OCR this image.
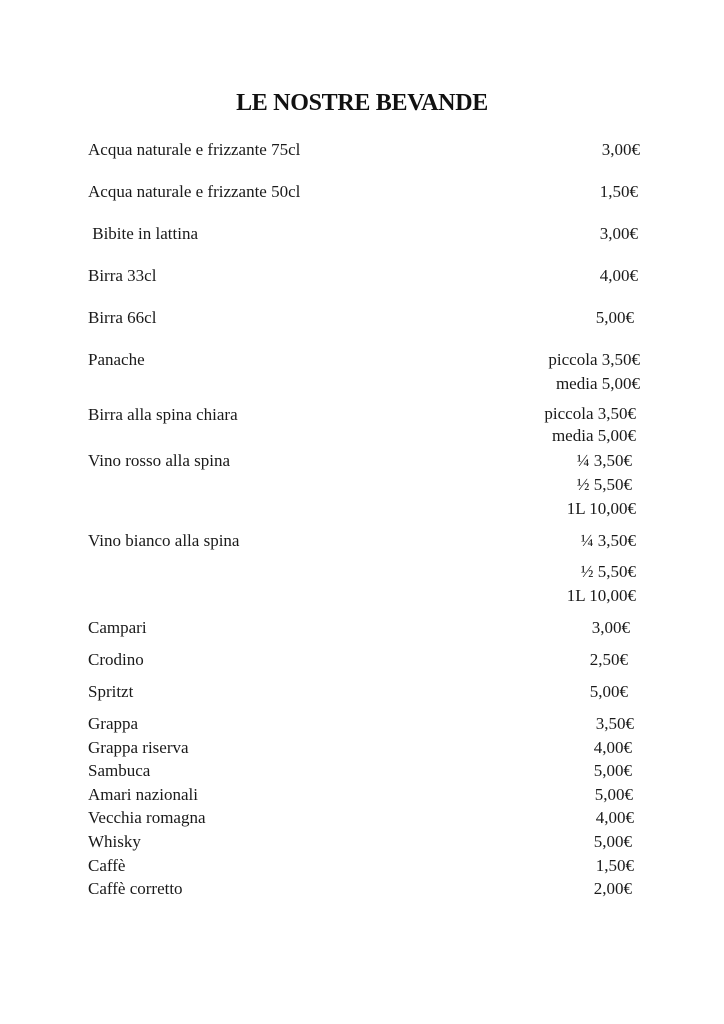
LE NOSTRE BEVANDE
Acqua naturale e frizzante 75cl	3,00€
Acqua naturale e frizzante 50cl	1,50€
Bibite in lattina	3,00€
Birra 33cl	4,00€
Birra 66cl	5,00€
Panache	piccola 3,50€
media 5,00€
Birra alla spina chiara	piccola 3,50€
media 5,00€
Vino rosso alla spina	¼ 3,50€
½ 5,50€
1L 10,00€
Vino bianco alla spina	¼ 3,50€
½ 5,50€
1L 10,00€
Campari	3,00€
Crodino	2,50€
Spritzt	5,00€
Grappa	3,50€
Grappa riserva	4,00€
Sambuca	5,00€
Amari nazionali	5,00€
Vecchia romagna	4,00€
Whisky	5,00€
Caffè	1,50€
Caffè corretto	2,00€
